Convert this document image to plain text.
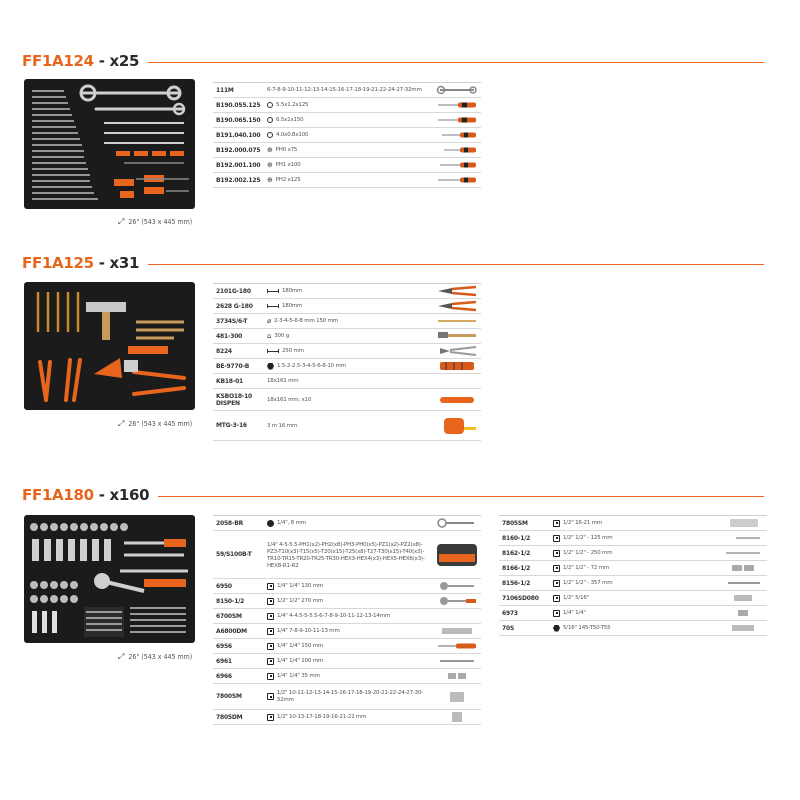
FF1A124 - x25
⤢ 26" (543 x 445 mm)
111M	6-7-8-9-10-11-12-13-14-15-16-17-18-19-21-22-24-27-32mm
B190.055.125	5.5x1.2x125
B190.065.150	6.5x1x150
B191.040.100	4.0x0.8x100
B192.000.075 ⊕ PH0 x75
B192.001.100 ⊕ PH1 x100
B192.002.125 ⊕ PH2 x125
FF1A125 - x31
⤢ 26" (543 x 445 mm)
2101G-180	180mm
2628 G-180	180mm
3734S/6-T	⌀ 2-3-4-5-6-8 mm 150 mm
481-300	⌂ 300 g
8224	250 mm
BE-9770-B	1.5-2-2.5-3-4-5-6-8-10 mm
KB18-01	18x161 mm
KSBO18-10 DISPEN	18x161 mm, x10
MTG-3-16	3 m 16 mm
FF1A180 - x160
⤢ 26" (543 x 445 mm)
2058-BR	1/4", 8 mm
59/S100B-T
1/4" 4-5-5.5-PH1(x2)-PH2(x8)-PH3-PH0(x5)-PZ1(x2)-PZ2(x8)-PZ3-T10(x3)-T15(x5)-T20(x15)-T25(x8)-T27-T30(x15)-T40(x3)-TR10-TR15-TR20-TR25-TR30-HEX3-HEX4(x3)-HEX5-HEX6(x3)-HEX8-R1-R2
6950	1/4" 1/4" 130 mm
8150-1/2	1/2" 1/2" 270 mm
6700SM	1/4" 4-4.5-5-5.5-6-7-8-9-10-11-12-13-14mm
A6800DM	1/4" 7-8-9-10-11-13 mm
6956	1/4" 1/4" 150 mm
6961	1/4" 1/4" 100 mm
6966	1/4" 1/4" 35 mm
7800SM
1/2" 10-11-12-13-14-15-16-17-18-19-20-21-22-24-27-30-32mm
7805DM	1/2" 10-13-17-18-19-16-21-22 mm
7805SM	1/2" 16-21 mm
8160-1/2	1/2" 1/2" - 125 mm
8162-1/2	1/2" 1/2" - 250 mm
8166-1/2	1/2" 1/2" - 72 mm
8156-1/2	1/2" 1/2" - 357 mm
7106SD080	1/2" 5/16"
6973	1/4" 1/4"
70S	5/16" 145-T50-T55
